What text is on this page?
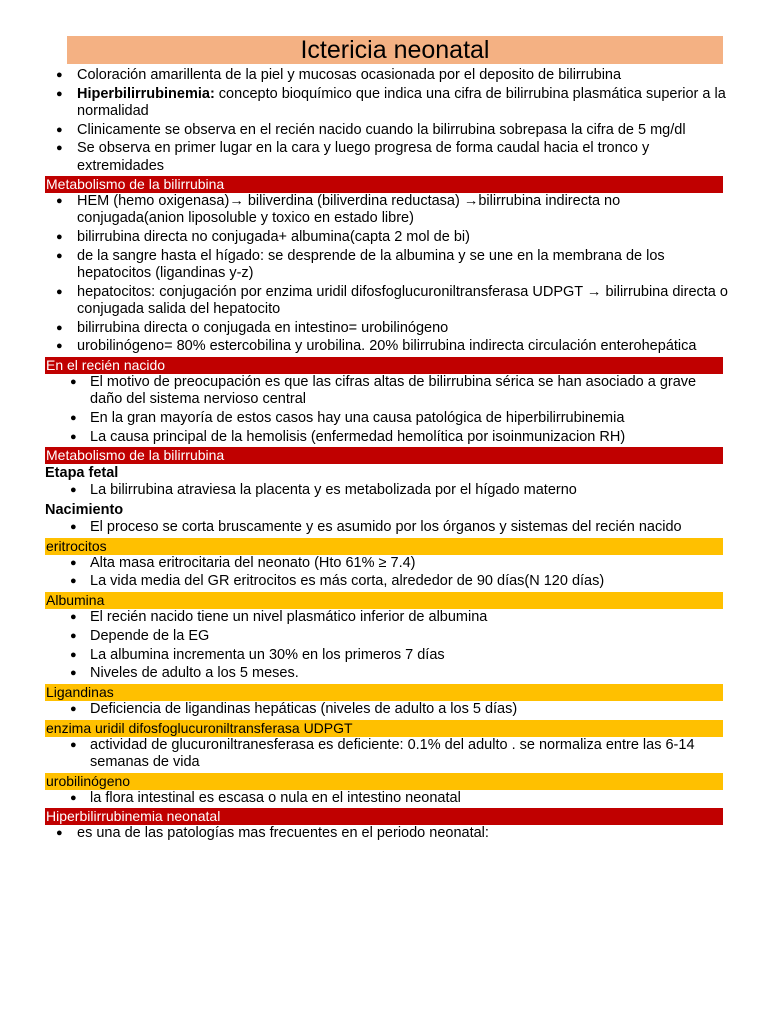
Ictericia neonatal
● Coloración amarillenta de la piel y mucosas ocasionada por el deposito de bilirrubina
● Hiperbilirrubinemia: concepto bioquímico que indica una cifra de bilirrubina plasmática superior a la normalidad
● Clinicamente se observa en el recién nacido cuando la bilirrubina sobrepasa la cifra de 5 mg/dl
● Se observa en primer lugar en la cara y luego progresa de forma caudal hacia el tronco y extremidades
Metabolismo de la bilirrubina
● HEM (hemo oxigenasa)→ biliverdina (biliverdina reductasa) →bilirrubina indirecta no conjugada(anion liposoluble y toxico en estado libre)
● bilirrubina directa no conjugada+ albumina(capta 2 mol de bi)
● de la sangre hasta el hígado: se desprende de la albumina y se une en la membrana de los hepatocitos (ligandinas y-z)
● hepatocitos: conjugación por enzima uridil difosfoglucuroniltransferasa UDPGT → bilirrubina directa o conjugada salida del hepatocito
● bilirrubina directa o conjugada en intestino= urobilinógeno
● urobilinógeno= 80% estercobilina y urobilina. 20% bilirrubina indirecta circulación enterohepática
En el recién nacido
● El motivo de preocupación es que las cifras altas de bilirrubina sérica se han asociado a grave daño del sistema nervioso central
● En la gran mayoría de estos casos hay una causa patológica de hiperbilirrubinemia
● La causa principal de la hemolisis (enfermedad hemolítica por isoinmunizacion RH)
Metabolismo de la bilirrubina
Etapa fetal
● La bilirrubina atraviesa la placenta y es metabolizada por el hígado materno
Nacimiento
● El proceso se corta bruscamente y es asumido por los órganos y sistemas del recién nacido
eritrocitos
● Alta masa eritrocitaria del neonato (Hto 61% ≥ 7.4)
● La vida media del GR eritrocitos es más corta, alrededor de 90 días(N 120 días)
Albumina
● El recién nacido tiene un nivel plasmático inferior de albumina
● Depende de la EG
● La albumina incrementa un 30% en los primeros 7 días
● Niveles de adulto a los 5 meses.
Ligandinas
● Deficiencia de ligandinas hepáticas (niveles de adulto a los 5 días)
enzima uridil difosfoglucuroniltransferasa UDPGT
● actividad de glucuroniltranesferasa es deficiente: 0.1% del adulto . se normaliza entre las 6-14 semanas de vida
urobilinógeno
● la flora intestinal es escasa o nula en el intestino neonatal
Hiperbilirrubinemia neonatal
● es una de las patologías mas frecuentes en el periodo neonatal:
